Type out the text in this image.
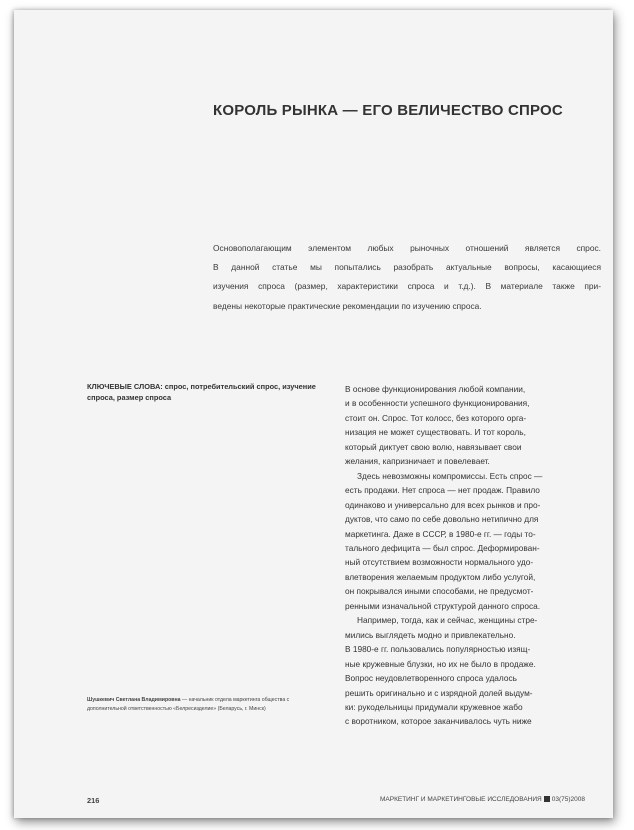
КОРОЛЬ РЫНКА — ЕГО ВЕЛИЧЕСТВО СПРОС
Основополагающим элементом любых рыночных отношений является спрос.
В данной статье мы попытались разобрать актуальные вопросы, касающиеся
изучения спроса (размер, характеристики спроса и т.д.). В материале также при-
ведены некоторые практические рекомендации по изучению спроса.
КЛЮЧЕВЫЕ СЛОВА: спрос, потребительский спрос, изучение
спроса, размер спроса
В основе функционирования любой компании,
и в особенности успешного функционирования,
стоит он. Спрос. Тот колосс, без которого орга-
низация не может существовать. И тот король,
который диктует свою волю, навязывает свои
желания, капризничает и повелевает.
Здесь невозможны компромиссы. Есть спрос —
есть продажи. Нет спроса — нет продаж. Правило
одинаково и универсально для всех рынков и про-
дуктов, что само по себе довольно нетипично для
маркетинга. Даже в СССР, в 1980-е гг. — годы то-
тального дефицита — был спрос. Деформирован-
ный отсутствием возможности нормального удо-
влетворения желаемым продуктом либо услугой,
он покрывался иными способами, не предусмот-
ренными изначальной структурой данного спроса.
Например, тогда, как и сейчас, женщины стре-
мились выглядеть модно и привлекательно.
В 1980-е гг. пользовались популярностью изящ-
ные кружевные блузки, но их не было в продаже.
Вопрос неудовлетворенного спроса удалось
решить оригинально и с изрядной долей выдум-
ки: рукодельницы придумали кружевное жабо
с воротником, которое заканчивалось чуть ниже
Шушкевич Светлана Владимировна — начальник отдела маркетинга общества с
дополнительной ответственностью «Белресизделие» (Беларусь, г. Минск)
216	МАРКЕТИНГ И МАРКЕТИНГОВЫЕ ИССЛЕДОВАНИЯ 03(75)2008
